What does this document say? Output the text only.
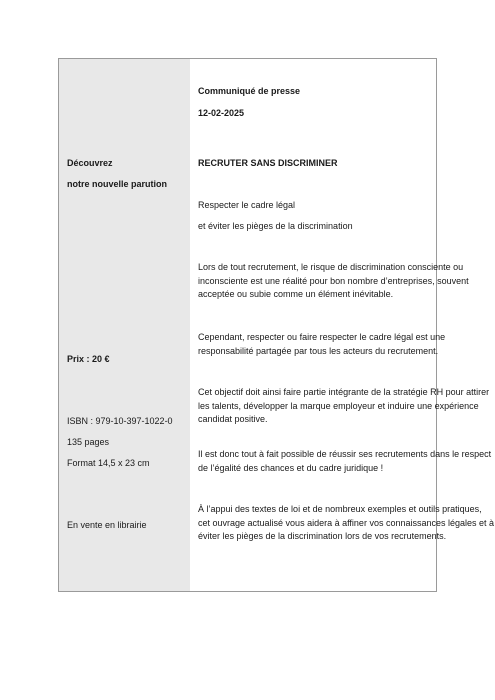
Découvrez
notre nouvelle parution
Prix : 20 €
ISBN : 979-10-397-1022-0
135 pages
Format 14,5 x 23 cm
En vente en librairie
Communiqué de presse
12-02-2025
RECRUTER SANS DISCRIMINER
Respecter le cadre légal
et éviter les pièges de la discrimination
Lors de tout recrutement, le risque de discrimination consciente ou inconsciente est une réalité pour bon nombre d’entreprises, souvent acceptée ou subie comme un élément inévitable.
Cependant, respecter ou faire respecter le cadre légal est une responsabilité partagée par tous les acteurs du recrutement.
Cet objectif doit ainsi faire partie intégrante de la stratégie RH pour attirer les talents, développer la marque employeur et induire une expérience candidat positive.
Il est donc tout à fait possible de réussir ses recrutements dans le respect de l’égalité des chances et du cadre juridique !
À l’appui des textes de loi et de nombreux exemples et outils pratiques, cet ouvrage actualisé vous aidera à affiner vos connaissances légales et à éviter les pièges de la discrimination lors de vos recrutements.
